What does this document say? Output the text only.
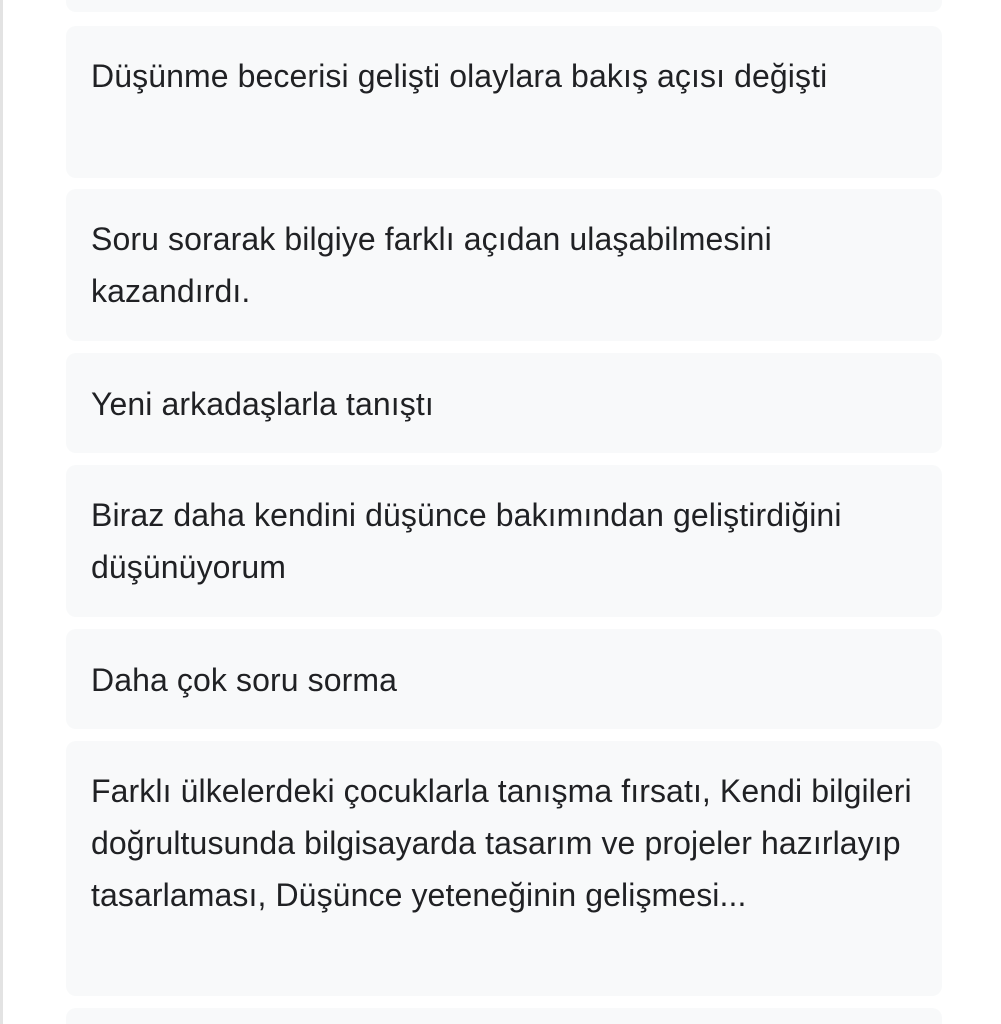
Düşünme becerisi gelişti olaylara bakış açısı değişti
Soru sorarak bilgiye farklı açıdan ulaşabilmesini kazandırdı.
Yeni arkadaşlarla tanıştı
Biraz daha kendini düşünce bakımından geliştirdiğini düşünüyorum
Daha çok soru sorma
Farklı ülkelerdeki çocuklarla tanışma fırsatı, Kendi bilgileri doğrultusunda bilgisayarda tasarım ve projeler hazırlayıp tasarlaması, Düşünce yeteneğinin gelişmesi...
